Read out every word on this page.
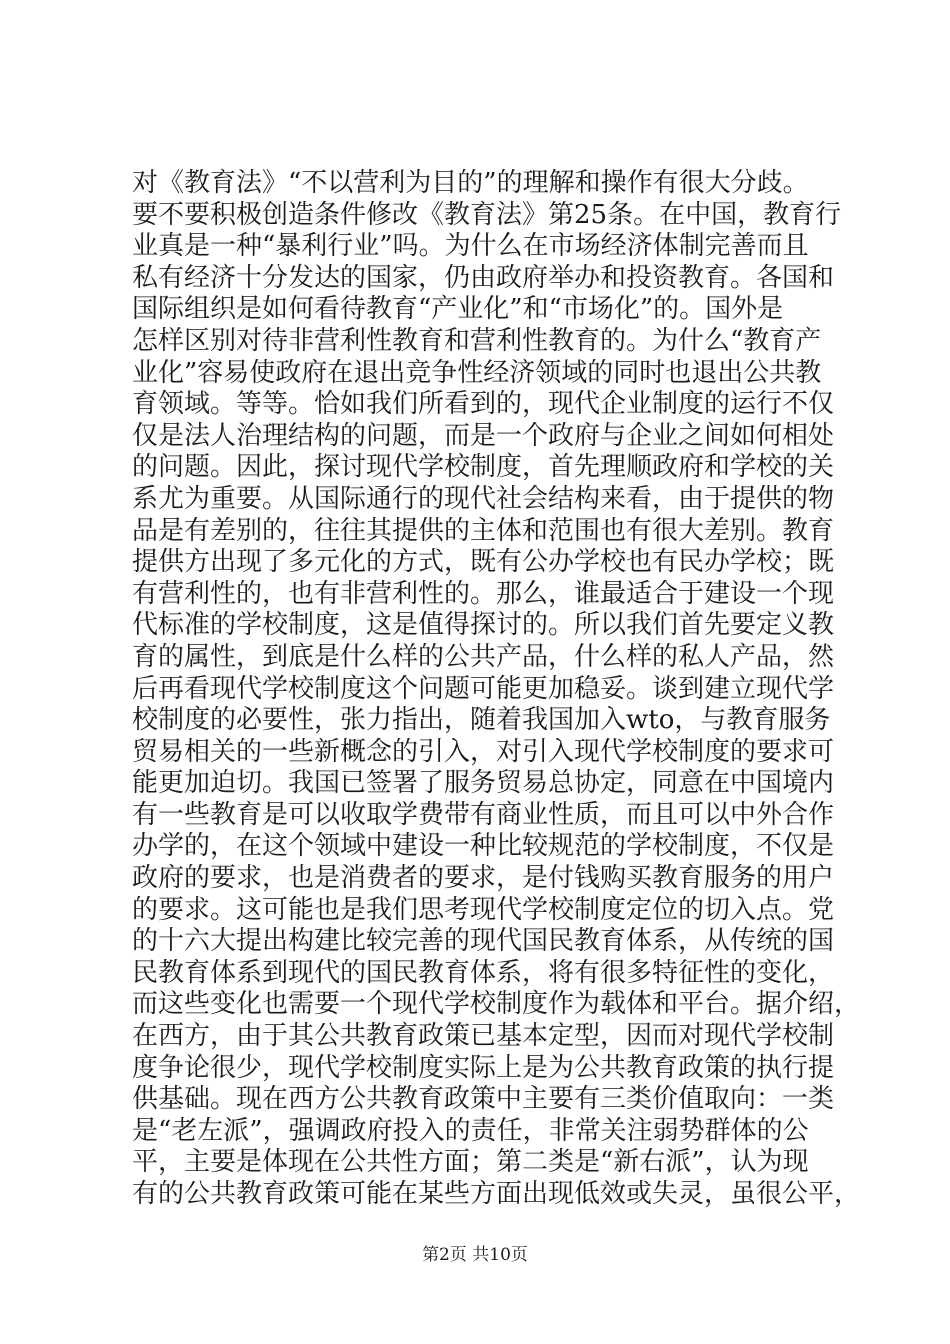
对《教育法》“不以营利为目的”的理解和操作有很大分歧。
要不要积极创造条件修改《教育法》第25条。在中国，教育行
业真是一种“暴利行业”吗。为什么在市场经济体制完善而且
私有经济十分发达的国家，仍由政府举办和投资教育。各国和
国际组织是如何看待教育“产业化”和“市场化”的。国外是
怎样区别对待非营利性教育和营利性教育的。为什么“教育产
业化”容易使政府在退出竞争性经济领域的同时也退出公共教
育领域。等等。恰如我们所看到的，现代企业制度的运行不仅
仅是法人治理结构的问题，而是一个政府与企业之间如何相处
的问题。因此，探讨现代学校制度，首先理顺政府和学校的关
系尤为重要。从国际通行的现代社会结构来看，由于提供的物
品是有差别的，往往其提供的主体和范围也有很大差别。教育
提供方出现了多元化的方式，既有公办学校也有民办学校；既
有营利性的，也有非营利性的。那么，谁最适合于建设一个现
代标准的学校制度，这是值得探讨的。所以我们首先要定义教
育的属性，到底是什么样的公共产品，什么样的私人产品，然
后再看现代学校制度这个问题可能更加稳妥。谈到建立现代学
校制度的必要性，张力指出，随着我国加入wto，与教育服务
贸易相关的一些新概念的引入，对引入现代学校制度的要求可
能更加迫切。我国已签署了服务贸易总协定，同意在中国境内
有一些教育是可以收取学费带有商业性质，而且可以中外合作
办学的，在这个领域中建设一种比较规范的学校制度，不仅是
政府的要求，也是消费者的要求，是付钱购买教育服务的用户
的要求。这可能也是我们思考现代学校制度定位的切入点。党
的十六大提出构建比较完善的现代国民教育体系，从传统的国
民教育体系到现代的国民教育体系，将有很多特征性的变化，
而这些变化也需要一个现代学校制度作为载体和平台。据介绍，
在西方，由于其公共教育政策已基本定型，因而对现代学校制
度争论很少，现代学校制度实际上是为公共教育政策的执行提
供基础。现在西方公共教育政策中主要有三类价值取向：一类
是“老左派”，强调政府投入的责任，非常关注弱势群体的公
平，主要是体现在公共性方面；第二类是“新右派”，认为现
有的公共教育政策可能在某些方面出现低效或失灵，虽很公平，
第2页 共10页
